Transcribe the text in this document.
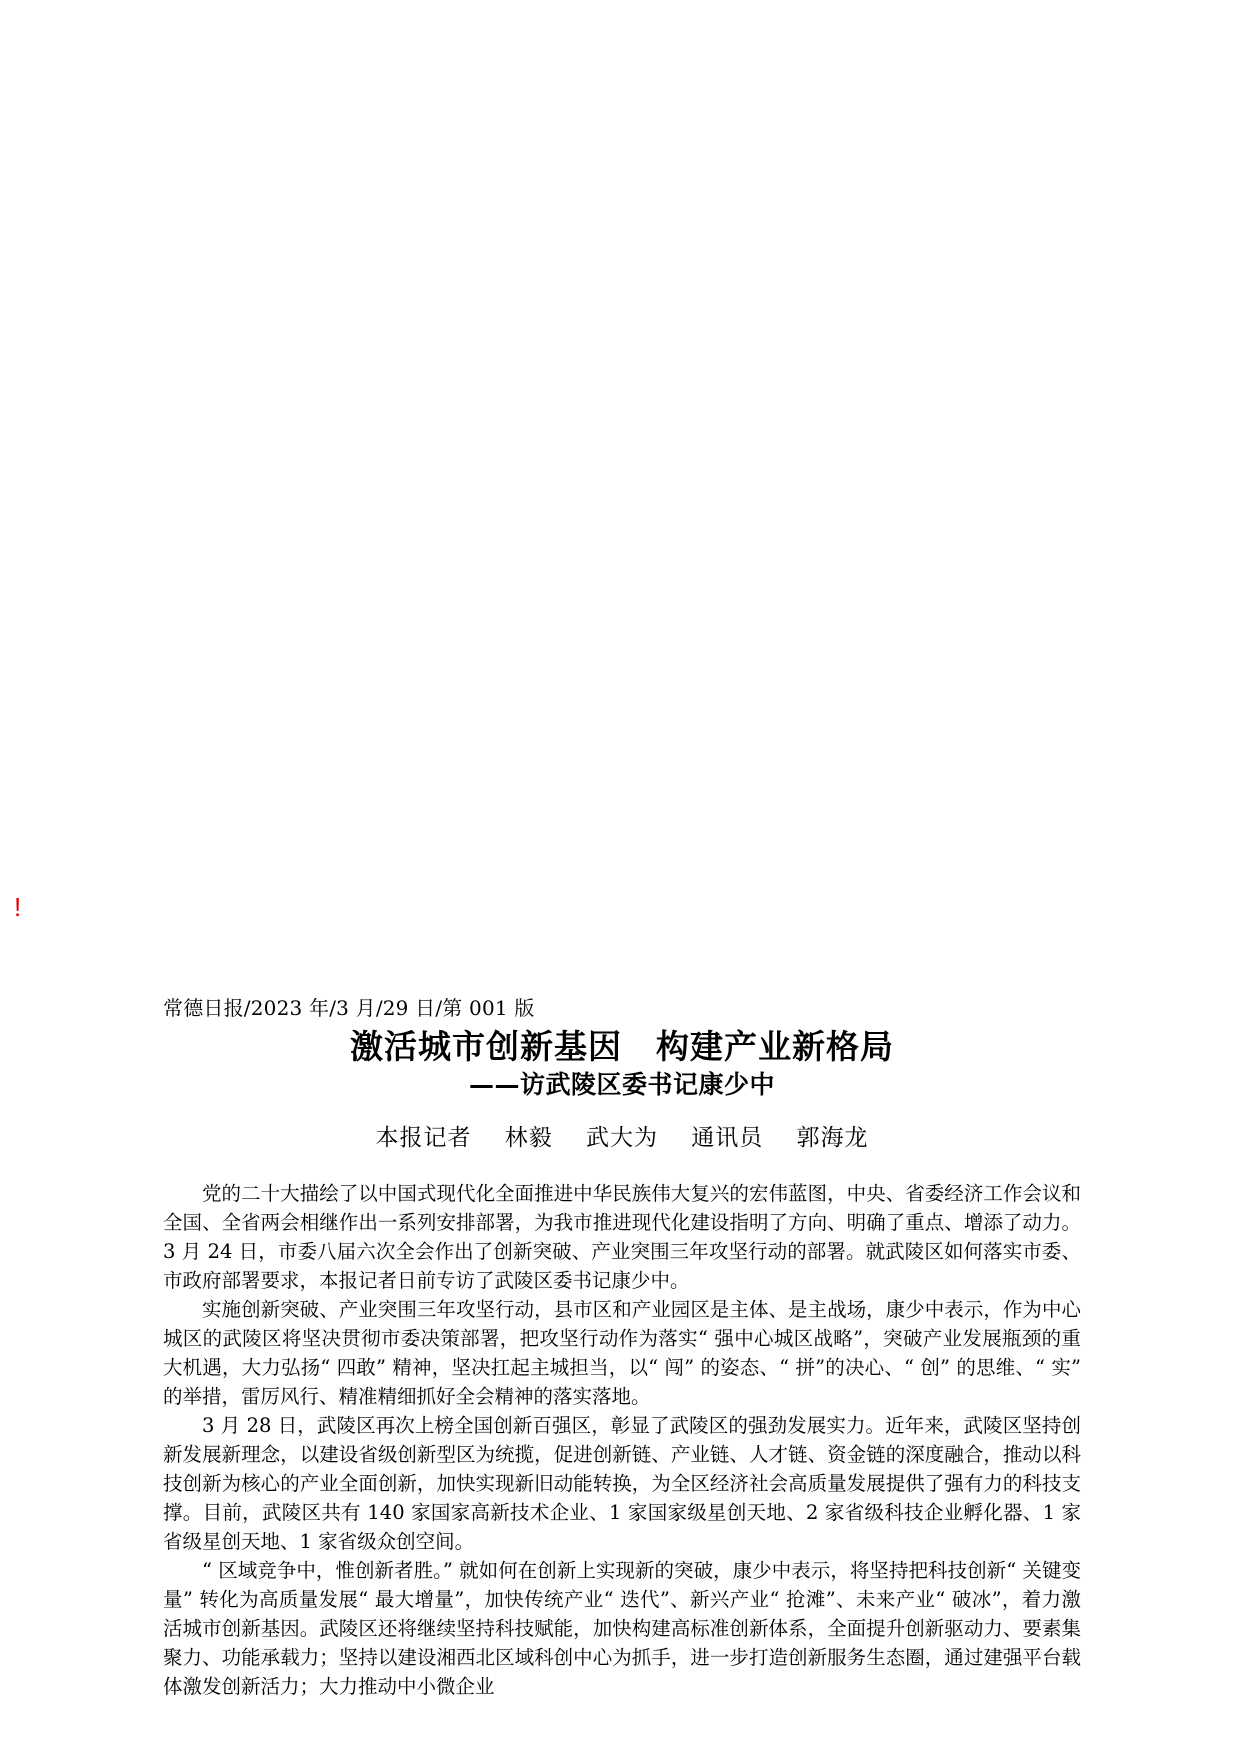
!
常德日报/2023 年/3 月/29 日/第 001 版
激活城市创新基因　构建产业新格局
——访武陵区委书记康少中
本报记者    林毅    武大为    通讯员    郭海龙

党的二十大描绘了以中国式现代化全面推进中华民族伟大复兴的宏伟蓝图，中央、省委经济工作会议和全国、全省两会相继作出一系列安排部署，为我市推进现代化建设指明了方向、明确了重点、增添了动力。3 月 24 日，市委八届六次全会作出了创新突破、产业突围三年攻坚行动的部署。就武陵区如何落实市委、市政府部署要求，本报记者日前专访了武陵区委书记康少中。

实施创新突破、产业突围三年攻坚行动，县市区和产业园区是主体、是主战场，康少中表示，作为中心城区的武陵区将坚决贯彻市委决策部署，把攻坚行动作为落实“ 强中心城区战略”，突破产业发展瓶颈的重大机遇，大力弘扬“ 四敢” 精神，坚决扛起主城担当，以“ 闯” 的姿态、“ 拼”的决心、“ 创” 的思维、“ 实” 的举措，雷厉风行、精准精细抓好全会精神的落实落地。

3 月 28 日，武陵区再次上榜全国创新百强区，彰显了武陵区的强劲发展实力。近年来，武陵区坚持创新发展新理念，以建设省级创新型区为统揽，促进创新链、产业链、人才链、资金链的深度融合，推动以科技创新为核心的产业全面创新，加快实现新旧动能转换，为全区经济社会高质量发展提供了强有力的科技支撑。目前，武陵区共有 140 家国家高新技术企业、1 家国家级星创天地、2 家省级科技企业孵化器、1 家省级星创天地、1 家省级众创空间。

“ 区域竞争中，惟创新者胜。” 就如何在创新上实现新的突破，康少中表示，将坚持把科技创新“ 关键变量” 转化为高质量发展“ 最大增量”，加快传统产业“ 迭代”、新兴产业“ 抢滩”、未来产业“ 破冰”，着力激活城市创新基因。武陵区还将继续坚持科技赋能，加快构建高标准创新体系，全面提升创新驱动力、要素集聚力、功能承载力；坚持以建设湘西北区域科创中心为抓手，进一步打造创新服务生态圈，通过建强平台载体激发创新活力；大力推动中小微企业
